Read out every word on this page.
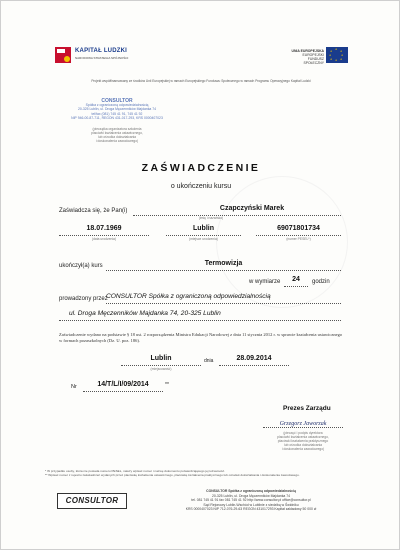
KAPITAŁ LUDZKI
NARODOWA STRATEGIA SPÓJNOŚCI
UNIA EUROPEJSKA
EUROPEJSKI
FUNDUSZ SPOŁECZNY
★
★
★
★
★
★
★
★
Projekt współfinansowany ze środków Unii Europejskiej w ramach Europejskiego Funduszu Społecznego w ramach Programu Operacyjnego Kapitał Ludzki
CONSULTOR
Spółka z ograniczoną odpowiedzialnością
20-325 Lublin, ul. Droga Męczenników Majdanka 74
tel/fax (081) 745 41 91, 745 41 92
NIP 946-00-87-711, REGON 431-017-293, KRS 0000407023
(pieczątka organizatora szkolenia
placówki kształcenia ustawicznego,
lub ośrodka dokształcania
i doskonalenia zawodowego)
ZAŚWIADCZENIE
o ukończeniu kursu
Zaświadcza się, że Pan(i)	Czapczyński Marek
(imię i nazwisko)
18.07.1969
(data urodzenia)
Lublin
(miejsce urodzenia)
69071801734
(numer PESEL*)
ukończył(a) kurs	Termowizja
w wymiarze	24	godzin
prowadzony przez
CONSULTOR Spółka z ograniczoną odpowiedzialnością
ul. Droga Męczenników Majdanka 74, 20-325 Lublin
Zaświadczenie wydano na podstawie § 18 ust. 2 rozporządzenia Ministra Edukacji Narodowej z dnia 11 stycznia 2012 r. w sprawie kształcenia ustawicznego w formach pozaszkolnych (Dz. U. poz. 186).
Lublin
(miejscowość)
dnia	28.09.2014
Nr	14/T/L/I/09/2014	**
Prezes Zarządu
Grzegorz Jaworzak
(pieczęć i podpis dyrektora
placówki kształcenia ustawicznego,
placówki kształcenia praktycznego
lub ośrodka dokształcania
i doskonalenia zawodowego)
* W przypadku osoby, która nie posiada numeru PESEL, należy wpisać numer i nazwę dokumentu potwierdzającego jej tożsamość.
** Wpisać numer z rejestru zaświadczeń wydanych przez placówkę kształcenia ustawicznego, placówkę kształcenia praktycznego lub ośrodek dokształcania i doskonalenia zawodowego.
CONSULTOR
CONSULTOR Spółka z ograniczoną odpowiedzialnością
20-325 Lublin, ul. Droga Męczenników Majdanka 74
tel. 081 745 41 91 fax 081 745 41 92 http://www.consultor.pl office@consultor.pl
Sąd Rejonowy Lublin-Wschód w Lublinie z siedzibą w Świdniku
KRS 0000407023 NIP 712-076-29-63 REGON 431017293 Kapitał zakładowy 50 000 zł
